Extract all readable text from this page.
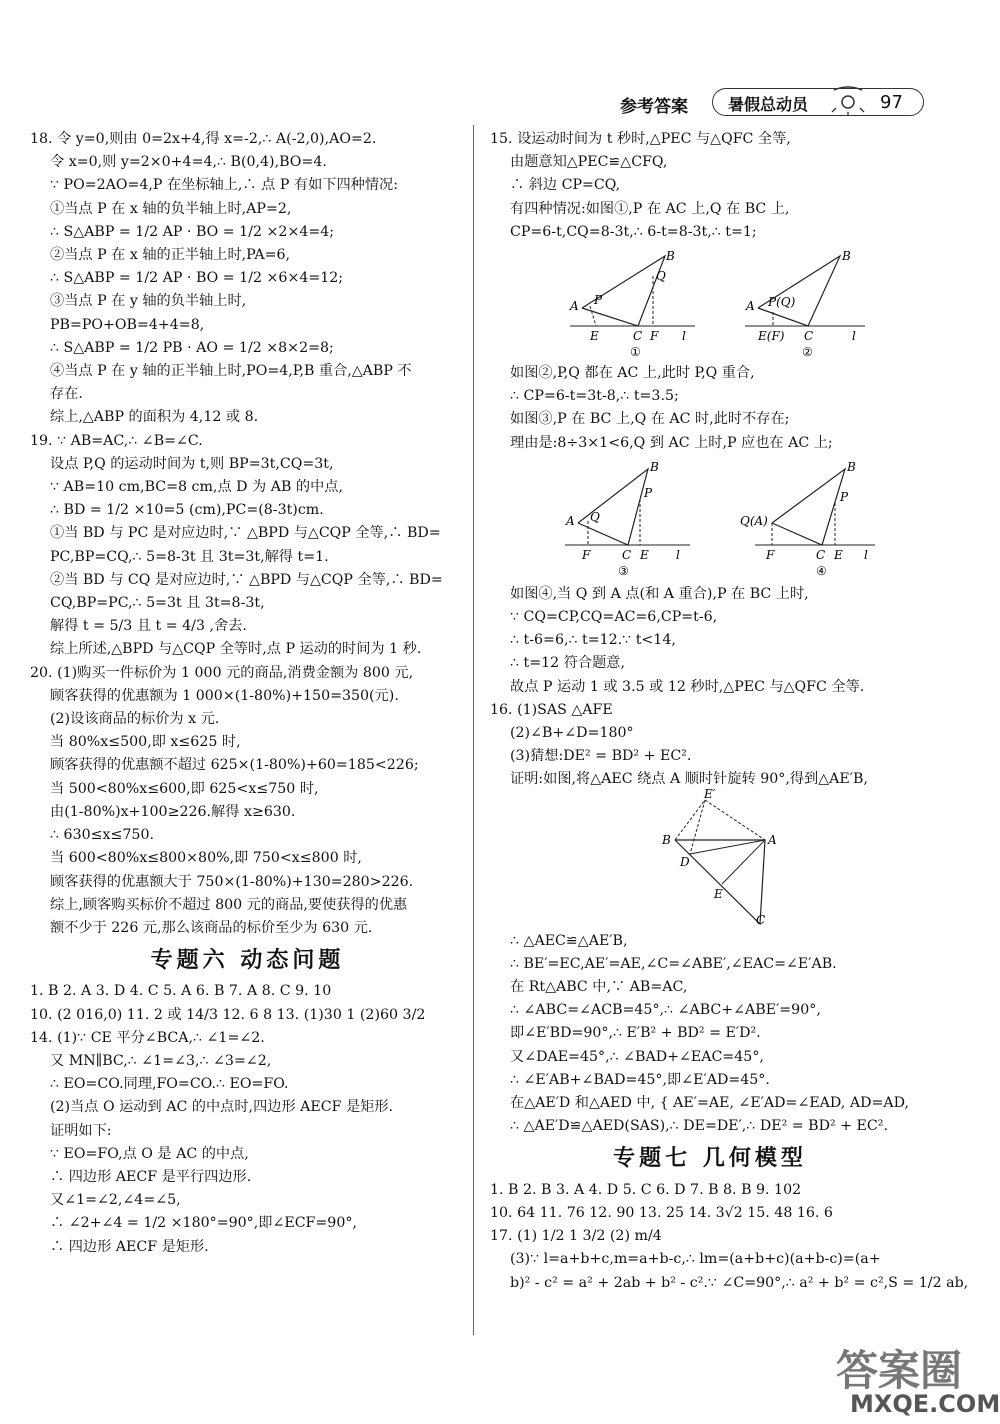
参考答案	暑假总动员	97
18. 令 y=0,则由 0=2x+4,得 x=-2,∴ A(-2,0),AO=2.
令 x=0,则 y=2×0+4=4,∴ B(0,4),BO=4.
∵ PO=2AO=4,P 在坐标轴上,∴ 点 P 有如下四种情况:
①当点 P 在 x 轴的负半轴上时,AP=2,
∴ S△ABP = 1/2 AP · BO = 1/2 ×2×4=4;
②当点 P 在 x 轴的正半轴上时,PA=6,
∴ S△ABP = 1/2 AP · BO = 1/2 ×6×4=12;
③当点 P 在 y 轴的负半轴上时,
PB=PO+OB=4+4=8,
∴ S△ABP = 1/2 PB · AO = 1/2 ×8×2=8;
④当点 P 在 y 轴的正半轴上时,PO=4,P,B 重合,△ABP 不
存在.
综上,△ABP 的面积为 4,12 或 8.
19. ∵ AB=AC,∴ ∠B=∠C.
设点 P,Q 的运动时间为 t,则 BP=3t,CQ=3t,
∵ AB=10 cm,BC=8 cm,点 D 为 AB 的中点,
∴ BD = 1/2 ×10=5 (cm),PC=(8-3t)cm.
①当 BD 与 PC 是对应边时,∵ △BPD 与△CQP 全等,∴ BD=
PC,BP=CQ,∴ 5=8-3t 且 3t=3t,解得 t=1.
②当 BD 与 CQ 是对应边时,∵ △BPD 与△CQP 全等,∴ BD=
CQ,BP=PC,∴ 5=3t 且 3t=8-3t,
解得 t = 5/3 且 t = 4/3 ,舍去.
综上所述,△BPD 与△CQP 全等时,点 P 运动的时间为 1 秒.
20. (1)购买一件标价为 1 000 元的商品,消费金额为 800 元,
顾客获得的优惠额为 1 000×(1-80%)+150=350(元).
(2)设该商品的标价为 x 元.
当 80%x≤500,即 x≤625 时,
顾客获得的优惠额不超过 625×(1-80%)+60=185<226;
当 500<80%x≤600,即 625<x≤750 时,
由(1-80%)x+100≥226.解得 x≥630.
∴ 630≤x≤750.
当 600<80%x≤800×80%,即 750<x≤800 时,
顾客获得的优惠额大于 750×(1-80%)+130=280>226.
综上,顾客购买标价不超过 800 元的商品,要使获得的优惠
额不少于 226 元,那么该商品的标价至少为 630 元.
专题六 动态问题
1. B 2. A 3. D 4. C 5. A 6. B 7. A 8. C 9. 10
10. (2 016,0) 11. 2 或 14/3 12. 6 8 13. (1)30 1 (2)60 3/2
14. (1)∵ CE 平分∠BCA,∴ ∠1=∠2.
又 MN∥BC,∴ ∠1=∠3,∴ ∠3=∠2,
∴ EO=CO.同理,FO=CO.∴ EO=FO.
(2)当点 O 运动到 AC 的中点时,四边形 AECF 是矩形.
证明如下:
∵ EO=FO,点 O 是 AC 的中点,
∴ 四边形 AECF 是平行四边形.
又∠1=∠2,∠4=∠5,
∴ ∠2+∠4 = 1/2 ×180°=90°,即∠ECF=90°,
∴ 四边形 AECF 是矩形.
15. 设运动时间为 t 秒时,△PEC 与△QFC 全等,
由题意知△PEC≌△CFQ,
∴ 斜边 CP=CQ,
有四种情况:如图①,P 在 AC 上,Q 在 BC 上,
CP=6-t,CQ=8-3t,∴ 6-t=8-3t,∴ t=1;
A
B
Q
P
E	C F l
①
A
B
P(Q)
E(F) C	l
②
如图②,P,Q 都在 AC 上,此时 P,Q 重合,
∴ CP=6-t=3t-8,∴ t=3.5;
如图③,P 在 BC 上,Q 在 AC 时,此时不存在;
理由是:8÷3×1<6,Q 到 AC 上时,P 应也在 AC 上;
A Q
B
P
F	C E l
③
Q(A)
B
P
F	C E l
④
如图④,当 Q 到 A 点(和 A 重合),P 在 BC 上时,
∵ CQ=CP,CQ=AC=6,CP=t-6,
∴ t-6=6,∴ t=12.∵ t<14,
∴ t=12 符合题意,
故点 P 运动 1 或 3.5 或 12 秒时,△PEC 与△QFC 全等.
16. (1)SAS △AFE
(2)∠B+∠D=180°
(3)猜想:DE² = BD² + EC².
证明:如图,将△AEC 绕点 A 顺时针旋转 90°,得到△AE′B,
E′
B	A
D
E
C
∴ △AEC≌△AE′B,
∴ BE′=EC,AE′=AE,∠C=∠ABE′,∠EAC=∠E′AB.
在 Rt△ABC 中,∵ AB=AC,
∴ ∠ABC=∠ACB=45°,∴ ∠ABC+∠ABE′=90°,
即∠E′BD=90°,∴ E′B² + BD² = E′D².
又∠DAE=45°,∴ ∠BAD+∠EAC=45°,
∴ ∠E′AB+∠BAD=45°,即∠E′AD=45°.
在△AE′D 和△AED 中, { AE′=AE, ∠E′AD=∠EAD, AD=AD,
∴ △AE′D≌△AED(SAS),∴ DE=DE′,∴ DE² = BD² + EC².
专题七 几何模型
1. B 2. B 3. A 4. D 5. C 6. D 7. B 8. B 9. 102
10. 64 11. 76 12. 90 13. 25 14. 3√2 15. 48 16. 6
17. (1) 1/2 1 3/2 (2) m/4
(3)∵ l=a+b+c,m=a+b-c,∴ lm=(a+b+c)(a+b-c)=(a+
b)² - c² = a² + 2ab + b² - c².∵ ∠C=90°,∴ a² + b² = c²,S = 1/2 ab,
答案圈
MXQE.COM
